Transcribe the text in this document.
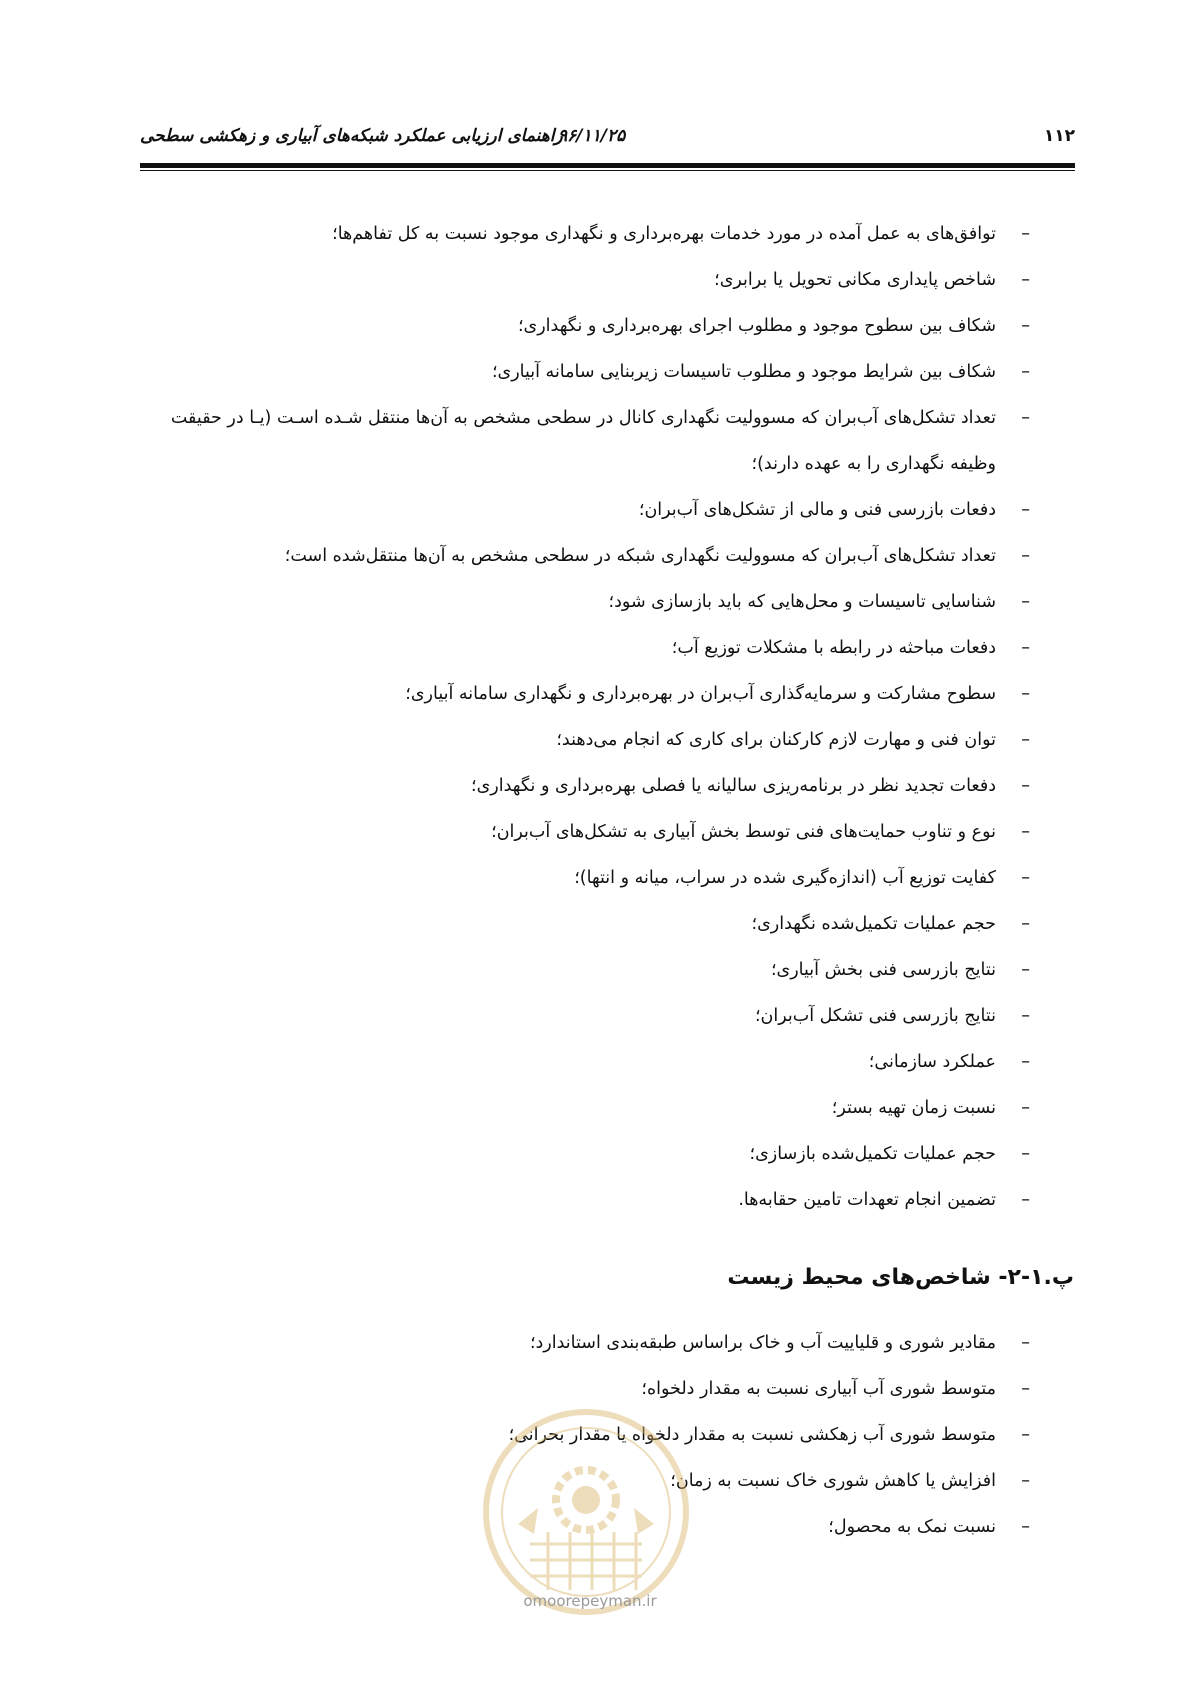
۱۱۲
۹۶/۱۱/۲۵
راهنمای ارزیابی عملکرد شبکه‌های آبیاری و زهکشی سطحی
–
توافق‌های به عمل آمده در مورد خدمات بهره‌برداری و نگهداری موجود نسبت به کل تفاهم‌ها؛
–
شاخص پایداری مکانی تحویل یا برابری؛
–
شکاف بین سطوح موجود و مطلوب اجرای بهره‌برداری و نگهداری؛
–
شکاف بین شرایط موجود و مطلوب تاسیسات زیربنایی سامانه آبیاری؛
–
تعداد تشکل‌های آب‌بران که مسوولیت نگهداری کانال در سطحی مشخص به آن‌ها منتقل شـده اسـت (یـا در حقیقت وظیفه نگهداری را به عهده دارند)؛
–
دفعات بازرسی فنی و مالی از تشکل‌های آب‌بران؛
–
تعداد تشکل‌های آب‌بران که مسوولیت نگهداری شبکه در سطحی مشخص به آن‌ها منتقل‌شده است؛
–
شناسایی تاسیسات و محل‌هایی که باید بازسازی شود؛
–
دفعات مباحثه در رابطه با مشکلات توزیع آب؛
–
سطوح مشارکت و سرمایه‌گذاری آب‌بران در بهره‌برداری و نگهداری سامانه آبیاری؛
–
توان فنی و مهارت لازم کارکنان برای کاری که انجام می‌دهند؛
–
دفعات تجدید نظر در برنامه‌ریزی سالیانه یا فصلی بهره‌برداری و نگهداری؛
–
نوع و تناوب حمایت‌های فنی توسط بخش آبیاری به تشکل‌های آب‌بران؛
–
کفایت توزیع آب (اندازه‌گیری شده در سراب، میانه و انتها)؛
–
حجم عملیات تکمیل‌شده نگهداری؛
–
نتایج بازرسی فنی بخش آبیاری؛
–
نتایج بازرسی فنی تشکل آب‌بران؛
–
عملکرد سازمانی؛
–
نسبت زمان تهیه بستر؛
–
حجم عملیات تکمیل‌شده بازسازی؛
–
تضمین انجام تعهدات تامین حقابه‌ها.
پ.۱-۲- شاخص‌های محیط زیست
–
مقادیر شوری و قلیاییت آب و خاک براساس طبقه‌بندی استاندارد؛
–
متوسط شوری آب آبیاری نسبت به مقدار دلخواه؛
–
متوسط شوری آب زهکشی نسبت به مقدار دلخواه یا مقدار بحرانی؛
–
افزایش یا کاهش شوری خاک نسبت به زمان؛
–
نسبت نمک به محصول؛
omoorepeyman.ir
